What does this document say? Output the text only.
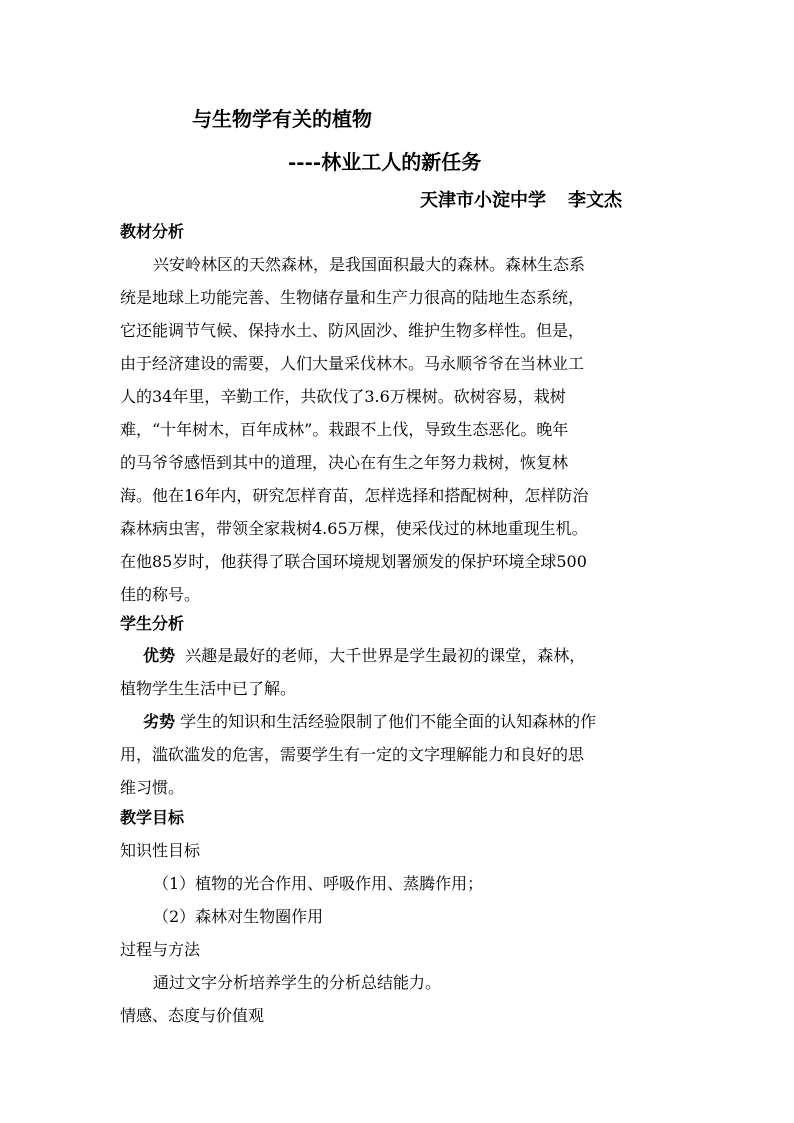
与生物学有关的植物
----林业工人的新任务
天津市小淀中学 李文杰
教材分析
兴安岭林区的天然森林，是我国面积最大的森林。森林生态系
统是地球上功能完善、生物储存量和生产力很高的陆地生态系统，
它还能调节气候、保持水土、防风固沙、维护生物多样性。但是，
由于经济建设的需要，人们大量采伐林木。马永顺爷爷在当林业工
人的34年里，辛勤工作，共砍伐了3.6万棵树。砍树容易，栽树
难，“十年树木，百年成林”。栽跟不上伐，导致生态恶化。晚年
的马爷爷感悟到其中的道理，决心在有生之年努力栽树，恢复林
海。他在16年内，研究怎样育苗，怎样选择和搭配树种，怎样防治
森林病虫害，带领全家栽树4.65万棵，使采伐过的林地重现生机。
在他85岁时，他获得了联合国环境规划署颁发的保护环境全球500
佳的称号。
学生分析
优势 兴趣是最好的老师，大千世界是学生最初的课堂，森林，
植物学生生活中已了解。
劣势 学生的知识和生活经验限制了他们不能全面的认知森林的作
用，滥砍滥发的危害，需要学生有一定的文字理解能力和良好的思
维习惯。
教学目标
知识性目标
（1）植物的光合作用、呼吸作用、蒸腾作用；
（2）森林对生物圈作用
过程与方法
通过文字分析培养学生的分析总结能力。
情感、态度与价值观
